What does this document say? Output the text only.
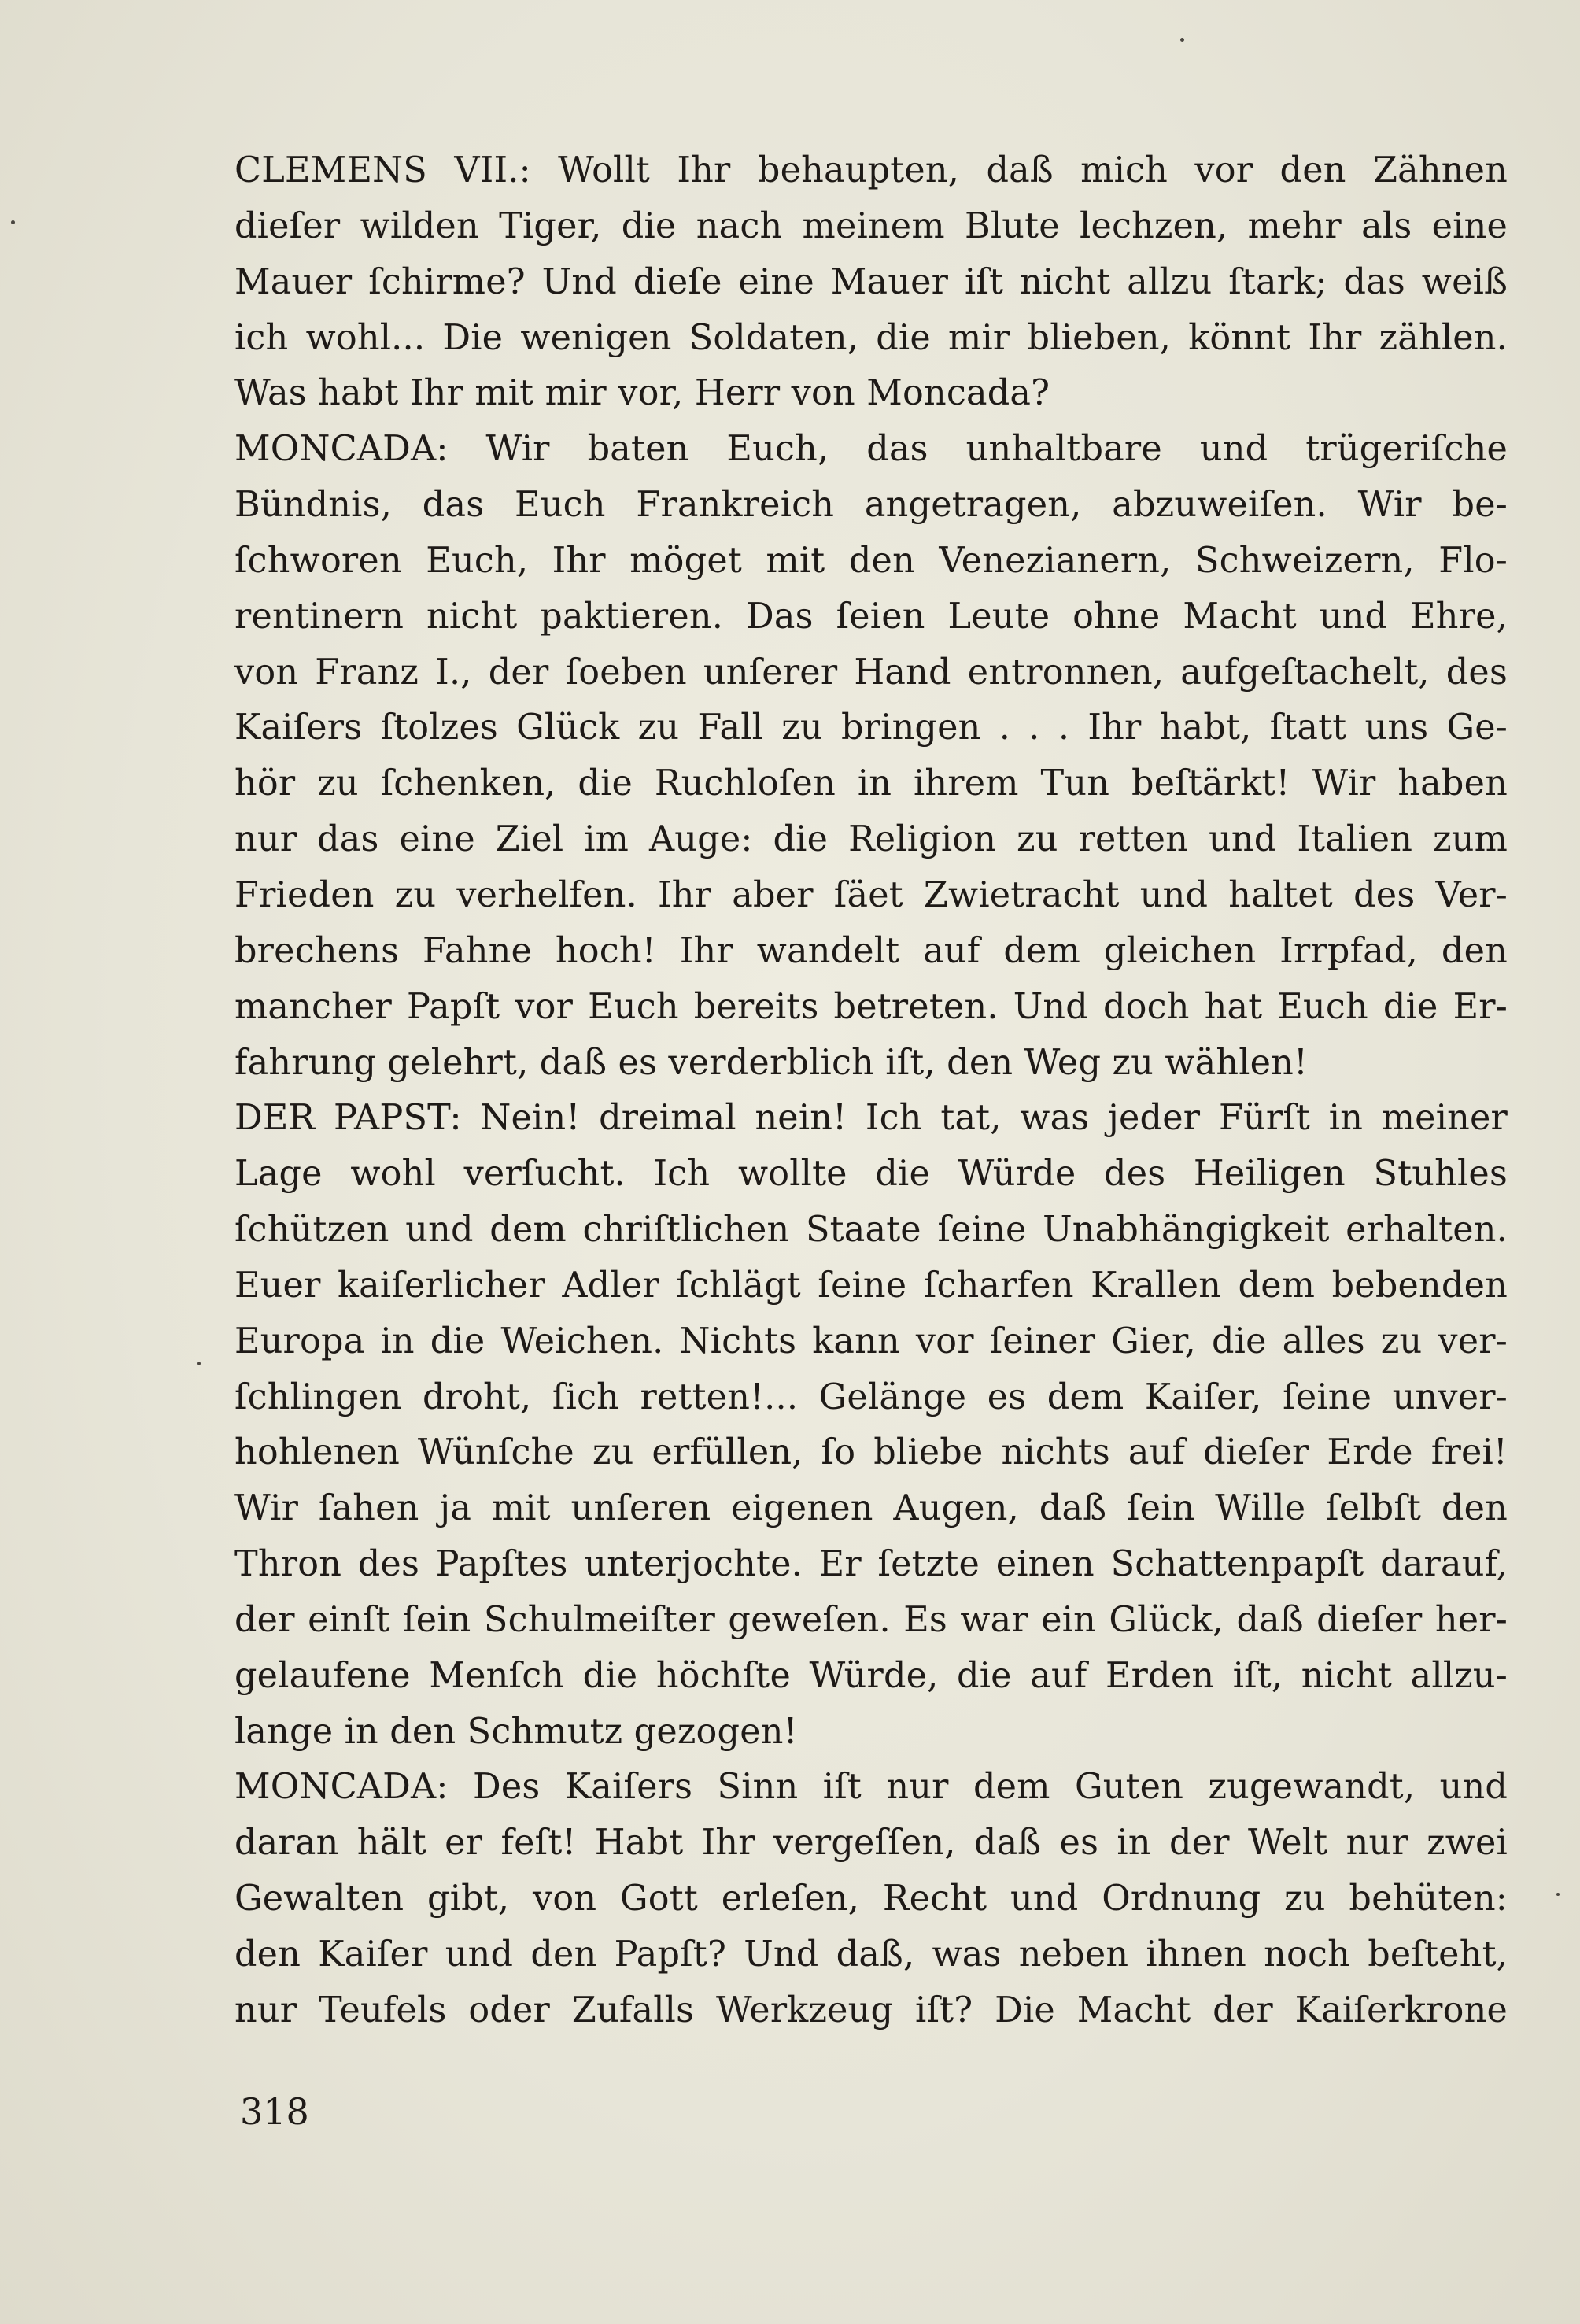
CLEMENS VII.: Wollt Ihr behaupten, daß mich vor den Zähnen
dieſer wilden Tiger, die nach meinem Blute lechzen, mehr als eine
Mauer ſchirme? Und dieſe eine Mauer iſt nicht allzu ſtark; das weiß
ich wohl... Die wenigen Soldaten, die mir blieben, könnt Ihr zählen.
Was habt Ihr mit mir vor, Herr von Moncada?
MONCADA: Wir baten Euch, das unhaltbare und trügeriſche
Bündnis, das Euch Frankreich angetragen, abzuweiſen. Wir be-
ſchworen Euch, Ihr möget mit den Venezianern, Schweizern, Flo-
rentinern nicht paktieren. Das ſeien Leute ohne Macht und Ehre,
von Franz I., der ſoeben unſerer Hand entronnen, aufgeſtachelt, des
Kaiſers ſtolzes Glück zu Fall zu bringen . . . Ihr habt, ſtatt uns Ge-
hör zu ſchenken, die Ruchloſen in ihrem Tun beſtärkt! Wir haben
nur das eine Ziel im Auge: die Religion zu retten und Italien zum
Frieden zu verhelfen. Ihr aber ſäet Zwietracht und haltet des Ver-
brechens Fahne hoch! Ihr wandelt auf dem gleichen Irrpfad, den
mancher Papſt vor Euch bereits betreten. Und doch hat Euch die Er-
fahrung gelehrt, daß es verderblich iſt, den Weg zu wählen!
DER PAPST: Nein! dreimal nein! Ich tat, was jeder Fürſt in meiner
Lage wohl verſucht. Ich wollte die Würde des Heiligen Stuhles
ſchützen und dem chriſtlichen Staate ſeine Unabhängigkeit erhalten.
Euer kaiſerlicher Adler ſchlägt ſeine ſcharfen Krallen dem bebenden
Europa in die Weichen. Nichts kann vor ſeiner Gier, die alles zu ver-
ſchlingen droht, ſich retten!... Gelänge es dem Kaiſer, ſeine unver-
hohlenen Wünſche zu erfüllen, ſo bliebe nichts auf dieſer Erde frei!
Wir ſahen ja mit unſeren eigenen Augen, daß ſein Wille ſelbſt den
Thron des Papſtes unterjochte. Er ſetzte einen Schattenpapſt darauf,
der einſt ſein Schulmeiſter geweſen. Es war ein Glück, daß dieſer her-
gelaufene Menſch die höchſte Würde, die auf Erden iſt, nicht allzu-
lange in den Schmutz gezogen!
MONCADA: Des Kaiſers Sinn iſt nur dem Guten zugewandt, und
daran hält er feſt! Habt Ihr vergeſſen, daß es in der Welt nur zwei
Gewalten gibt, von Gott erleſen, Recht und Ordnung zu behüten:
den Kaiſer und den Papſt? Und daß, was neben ihnen noch beſteht,
nur Teufels oder Zufalls Werkzeug iſt? Die Macht der Kaiſerkrone
318
